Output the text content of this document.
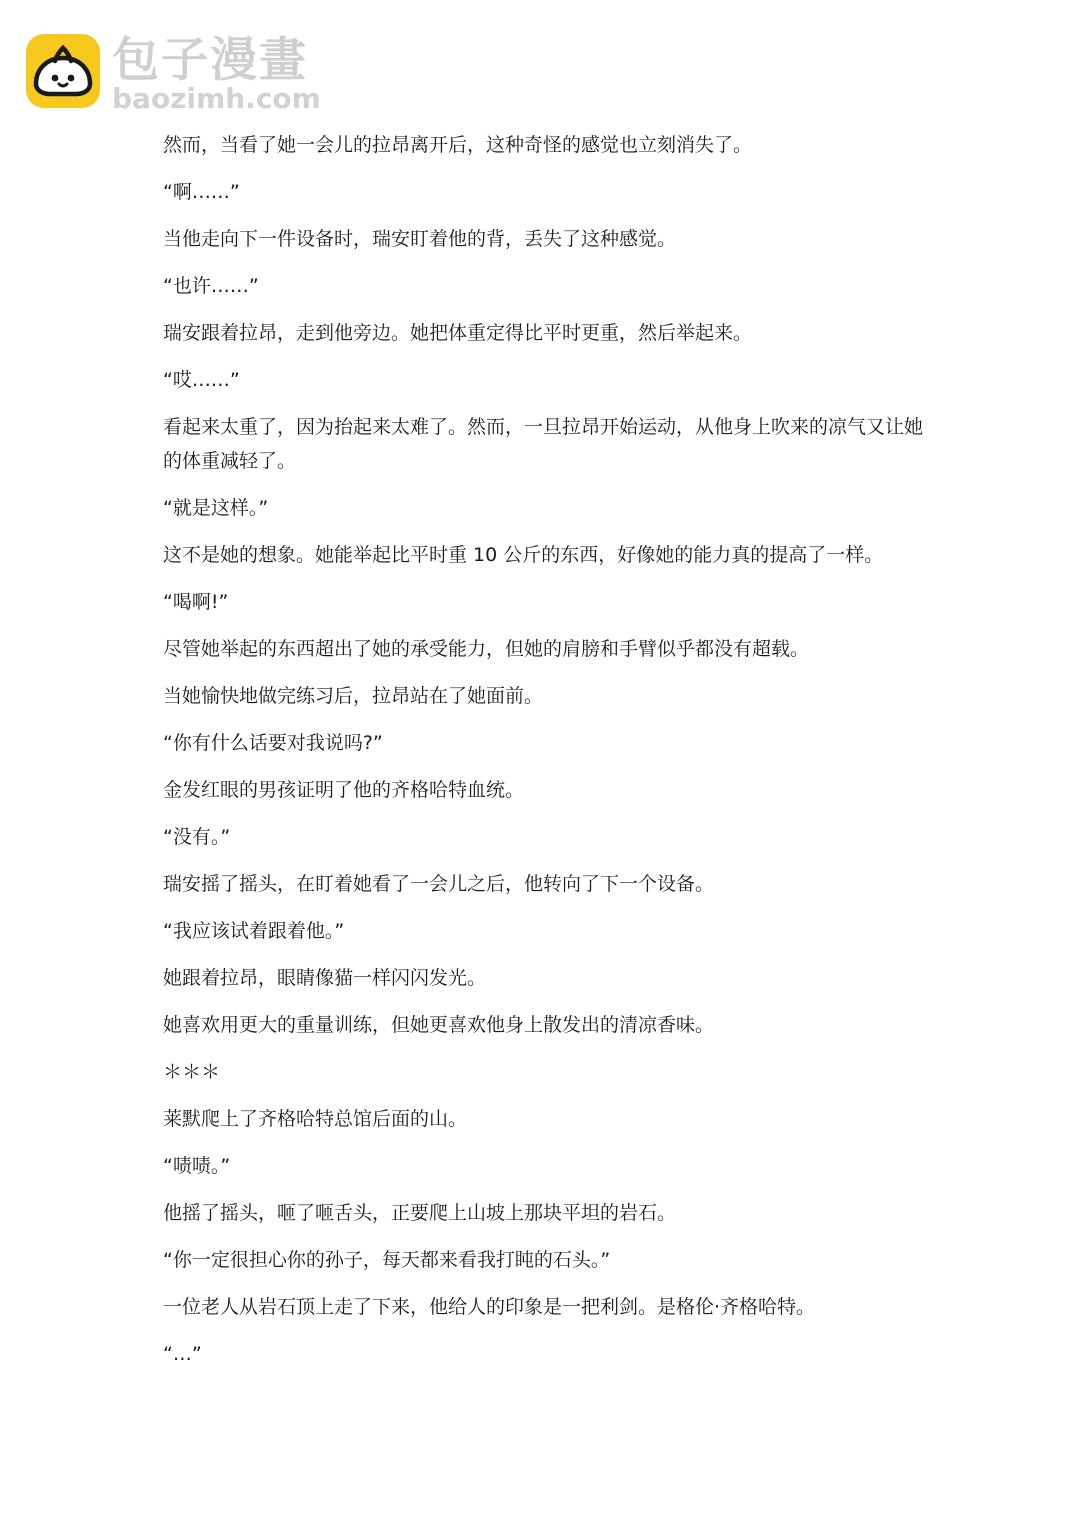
包子漫畫
baozimh.com

然而，当看了她一会儿的拉昂离开后，这种奇怪的感觉也立刻消失了。

“啊……”

当他走向下一件设备时，瑞安盯着他的背，丢失了这种感觉。

“也许……”

瑞安跟着拉昂，走到他旁边。她把体重定得比平时更重，然后举起来。

“哎……”

看起来太重了，因为抬起来太难了。然而，一旦拉昂开始运动，从他身上吹来的凉气又让她的体重减轻了。

“就是这样。”

这不是她的想象。她能举起比平时重 10 公斤的东西，好像她的能力真的提高了一样。

“喝啊!”

尽管她举起的东西超出了她的承受能力，但她的肩膀和手臂似乎都没有超载。

当她愉快地做完练习后，拉昂站在了她面前。

“你有什么话要对我说吗?”

金发红眼的男孩证明了他的齐格哈特血统。

“没有。”

瑞安摇了摇头，在盯着她看了一会儿之后，他转向了下一个设备。

“我应该试着跟着他。”

她跟着拉昂，眼睛像猫一样闪闪发光。

她喜欢用更大的重量训练，但她更喜欢他身上散发出的清凉香味。

＊＊＊

莱默爬上了齐格哈特总馆后面的山。

“啧啧。”

他摇了摇头，咂了咂舌头，正要爬上山坡上那块平坦的岩石。

“你一定很担心你的孙子，每天都来看我打盹的石头。”

一位老人从岩石顶上走了下来，他给人的印象是一把利剑。是格伦·齐格哈特。

“…”
